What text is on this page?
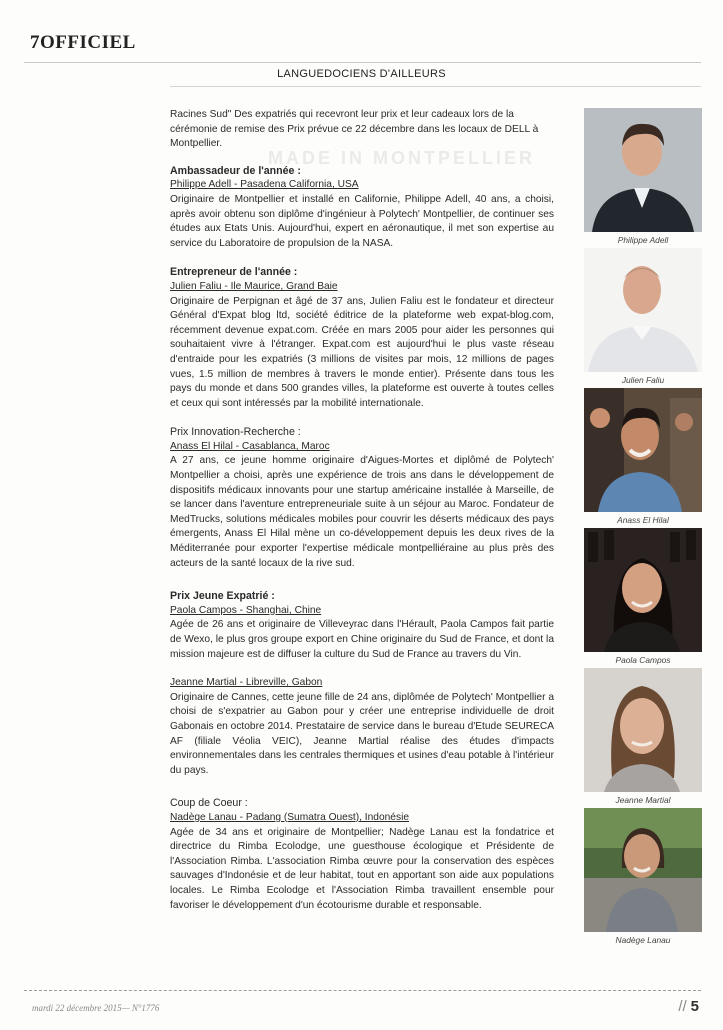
7OFFICIEL
LANGUEDOCIENS D'AILLEURS
MADE IN MONTPELLIER

Racines Sud" Des expatriés qui recevront leur prix et leur cadeaux lors de la cérémonie de remise des Prix prévue ce 22 décembre dans les locaux de DELL à Montpellier.

Ambassadeur de l'année :

Philippe Adell - Pasadena California, USA

Originaire de Montpellier et installé en Californie, Philippe Adell, 40 ans, a choisi, après avoir obtenu son diplôme d'ingénieur à Polytech' Montpellier, de continuer ses études aux Etats Unis. Aujourd'hui, expert en aéronautique, il met son expertise au service du Laboratoire de propulsion de la NASA.

Entrepreneur de l'année :

Julien Faliu - Ile Maurice, Grand Baie

Originaire de Perpignan et âgé de 37 ans, Julien Faliu est le fondateur et directeur Général d'Expat blog ltd, société éditrice de la plateforme web expat-blog.com, récemment devenue expat.com. Créée en mars 2005 pour aider les personnes qui souhaitaient vivre à l'étranger. Expat.com est aujourd'hui le plus vaste réseau d'entraide pour les expatriés (3 millions de visites par mois, 12 millions de pages vues, 1.5 million de membres à travers le monde entier). Présente dans tous les pays du monde et dans 500 grandes villes, la plateforme est ouverte à toutes celles et ceux qui sont intéressés par la mobilité internationale.

Prix Innovation-Recherche :

Anass El Hilal - Casablanca, Maroc

A 27 ans, ce jeune homme originaire d'Aigues-Mortes et diplômé de Polytech' Montpellier a choisi, après une expérience de trois ans dans le développement de dispositifs médicaux innovants pour une startup américaine installée à Marseille, de se lancer dans l'aventure entrepreneuriale suite à un séjour au Maroc. Fondateur de MedTrucks, solutions médicales mobiles pour couvrir les déserts médicaux des pays émergents, Anass El Hilal mène un co-développement depuis les deux rives de la Méditerranée pour exporter l'expertise médicale montpelliéraine au plus près des acteurs de la santé locaux de la rive sud.

Prix Jeune Expatrié :

Paola Campos - Shanghai, Chine

Agée de 26 ans et originaire de Villeveyrac dans l'Hérault, Paola Campos fait partie de Wexo, le plus gros groupe export en Chine originaire du Sud de France, et dont la mission majeure est de diffuser la culture du Sud de France au travers du Vin.

Jeanne Martial - Libreville, Gabon

Originaire de Cannes, cette jeune fille de 24 ans, diplômée de Polytech' Montpellier a choisi de s'expatrier au Gabon pour y créer une entreprise individuelle de droit Gabonais en octobre 2014. Prestataire de service dans le bureau d'Etude SEURECA AF (filiale Véolia VEIC), Jeanne Martial réalise des études d'impacts environnementales dans les centrales thermiques et usines d'eau potable à l'intérieur du pays.

Coup de Coeur :

Nadège Lanau - Padang (Sumatra Ouest), Indonésie

Agée de 34 ans et originaire de Montpellier; Nadège Lanau est la fondatrice et directrice du Rimba Ecolodge, une guesthouse écologique et Présidente de l'Association Rimba. L'association Rimba œuvre pour la conservation des espèces sauvages d'Indonésie et de leur habitat, tout en apportant son aide aux populations locales. Le Rimba Ecolodge et l'Association Rimba travaillent ensemble pour favoriser le développement d'un écotourisme durable et responsable.

Philippe Adell
Julien Faliu
Anass El Hilal
Paola Campos
Jeanne Martial
Nadège Lanau
mardi 22 décembre 2015— N°1776	// 5
